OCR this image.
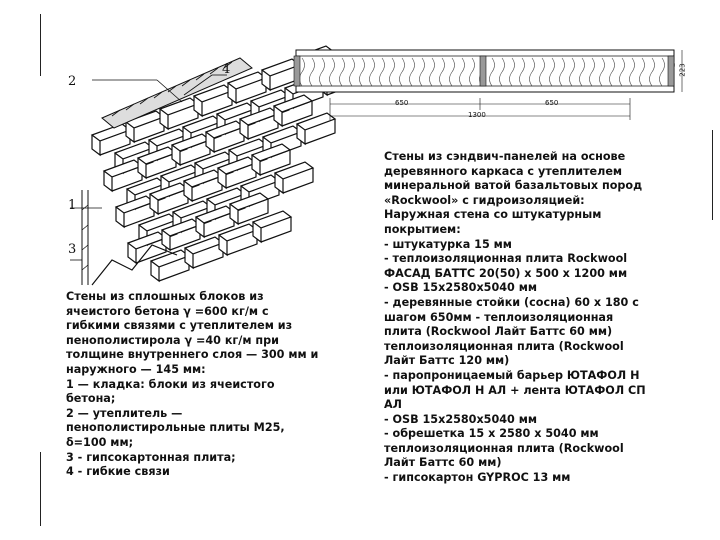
2
4
1
3
650	650
1300
223
Стены из сплошных блоков из
ячеистого бетона γ =600 кг/м с
гибкими связями с утеплителем из
пенополистирола γ =40 кг/м при
толщине внутреннего слоя — 300 мм и
наружного — 145 мм:
1 — кладка: блоки из ячеистого
бетона;
2 — утеплитель —
пенополистирольные плиты М25,
δ=100 мм;
3 - гипсокартонная плита;
4 - гибкие связи
Стены из сэндвич-панелей на основе
деревянного каркаса с утеплителем
минеральной ватой базальтовых пород
«Rockwool» с гидроизоляцией:
Наружная стена со штукатурным
покрытием:
- штукатурка 15 мм
- теплоизоляционная плита Rockwool
ФАСАД БАТТС 20(50) х 500 х 1200 мм
- OSB 15х2580х5040 мм
- деревянные стойки (сосна) 60 х 180 с
шагом 650мм - теплоизоляционная
плита (Rockwool Лайт Баттс 60 мм)
теплоизоляционная плита (Rockwool
Лайт Баттс 120 мм)
- паропроницаемый барьер ЮТАФОЛ Н
или ЮТАФОЛ Н АЛ + лента ЮТАФОЛ СП
АЛ
- OSB 15х2580х5040 мм
- обрешетка 15 х 2580 х 5040 мм
теплоизоляционная плита (Rockwool
Лайт Баттс 60 мм)
- гипсокартон GYPROC 13 мм
